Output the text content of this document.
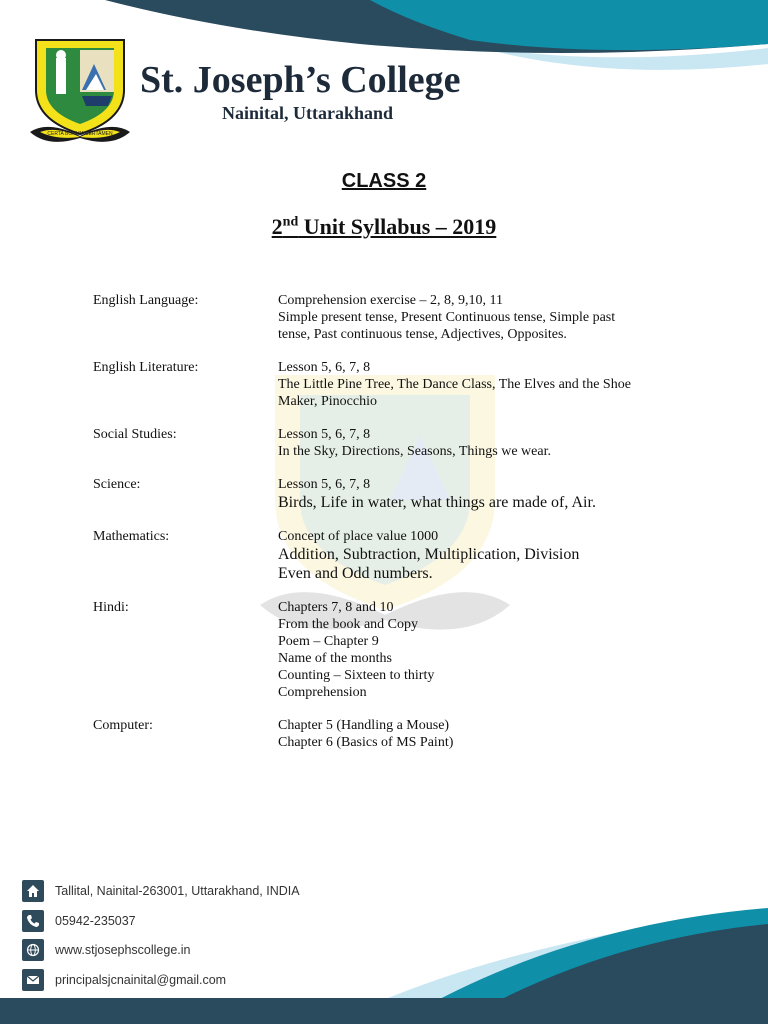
CERTA BONUM CERTAMEN
St. Joseph’s College
Nainital, Uttarakhand
CLASS 2
2nd Unit Syllabus – 2019
English Language:	Comprehension exercise – 2, 8, 9,10, 11
Simple present tense, Present Continuous tense, Simple past
tense, Past continuous tense, Adjectives, Opposites.
English Literature:	Lesson 5, 6, 7, 8
The Little Pine Tree, The Dance Class, The Elves and the Shoe
Maker, Pinocchio
Social Studies:	Lesson 5, 6, 7, 8
In the Sky, Directions, Seasons, Things we wear.
Science:	Lesson 5, 6, 7, 8
Birds, Life in water, what things are made of, Air.
Mathematics:	Concept of place value 1000
Addition, Subtraction, Multiplication, Division
Even and Odd numbers.
Hindi:	Chapters 7, 8 and 10
From the book and Copy
Poem – Chapter 9
Name of the months
Counting – Sixteen to thirty
Comprehension
Computer:	Chapter 5 (Handling a Mouse)
Chapter 6 (Basics of MS Paint)
Tallital, Nainital-263001, Uttarakhand, INDIA
05942-235037
www.stjosephscollege.in
principalsjcnainital@gmail.com
